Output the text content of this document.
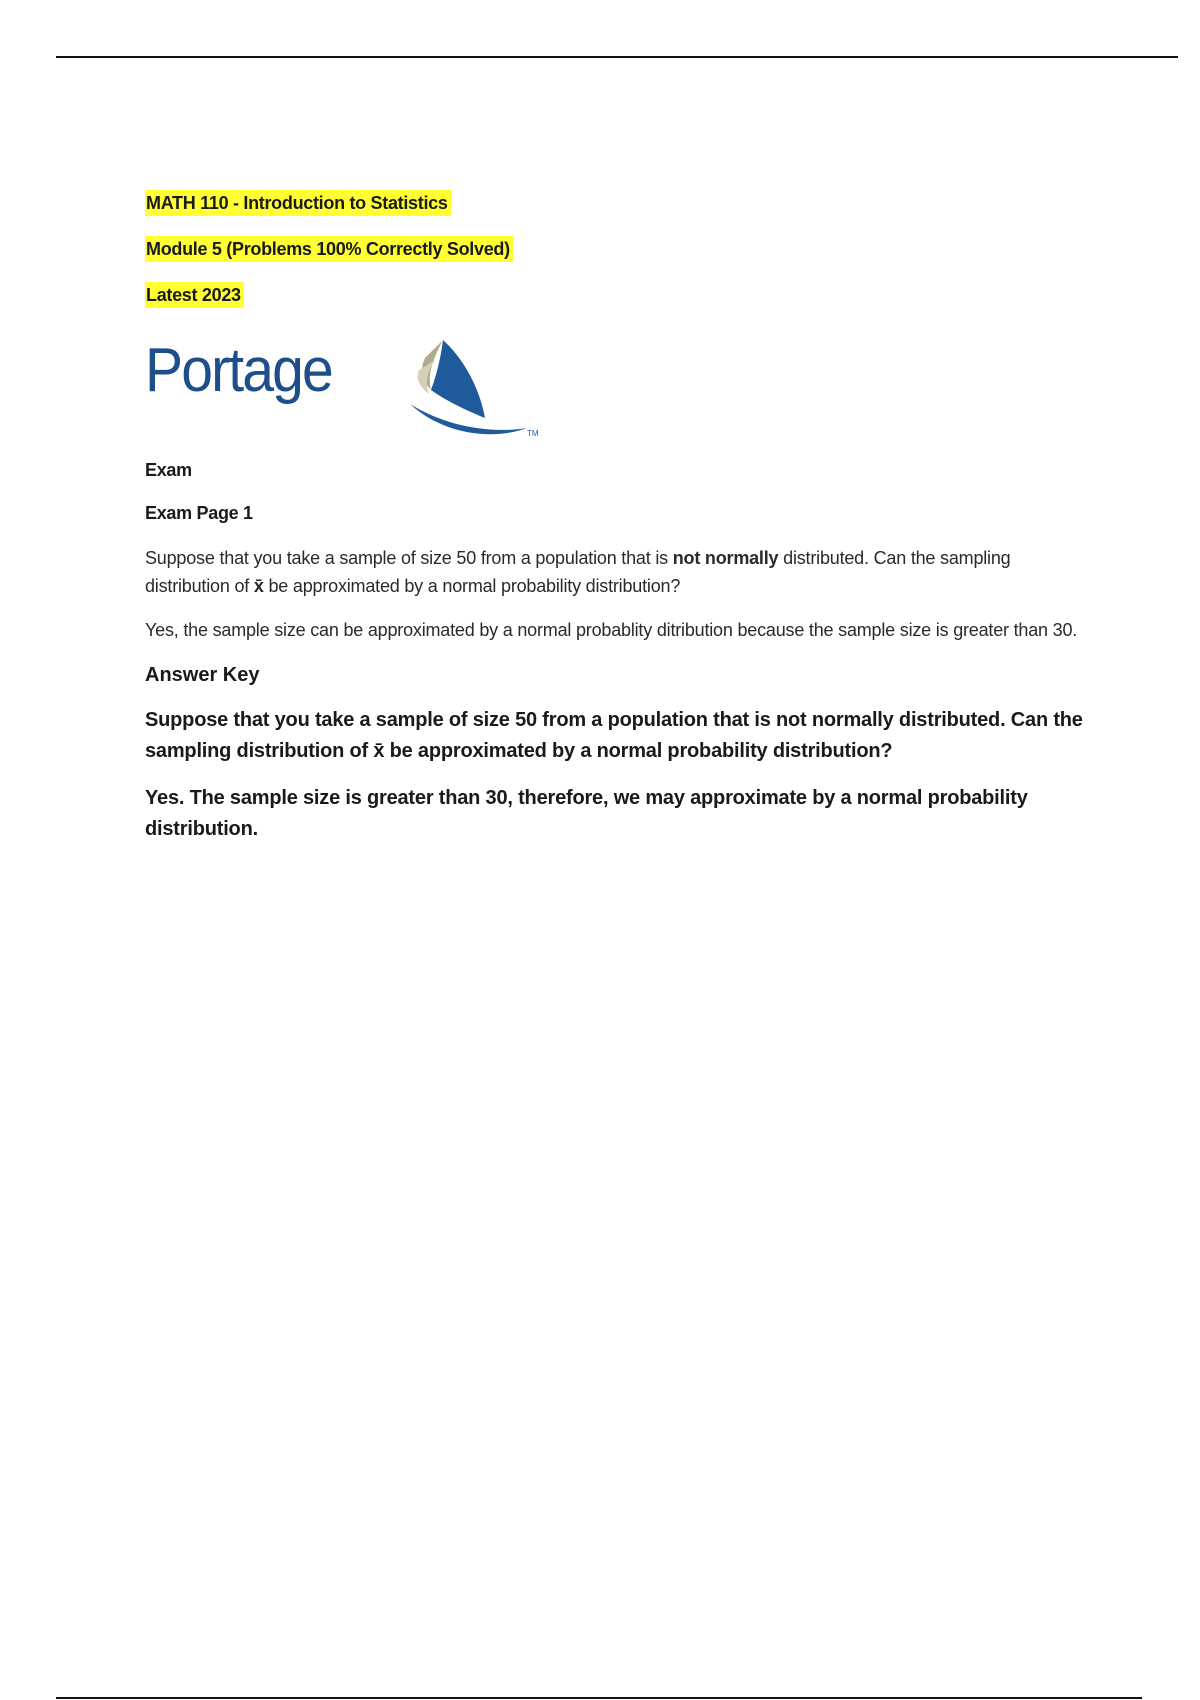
MATH 110 - Introduction to Statistics

Module 5 (Problems 100% Correctly Solved)

Latest 2023

Portage
TM

Exam

Exam Page 1

Suppose that you take a sample of size 50 from a population that is not normally distributed. Can the sampling distribution of x̄ be approximated by a normal probability distribution?

Yes, the sample size can be approximated by a normal probablity ditribution because the sample size is greater than 30.

Answer Key

Suppose that you take a sample of size 50 from a population that is not normally distributed. Can the sampling distribution of x̄ be approximated by a normal probability distribution?

Yes. The sample size is greater than 30, therefore, we may approximate by a normal probability distribution.
